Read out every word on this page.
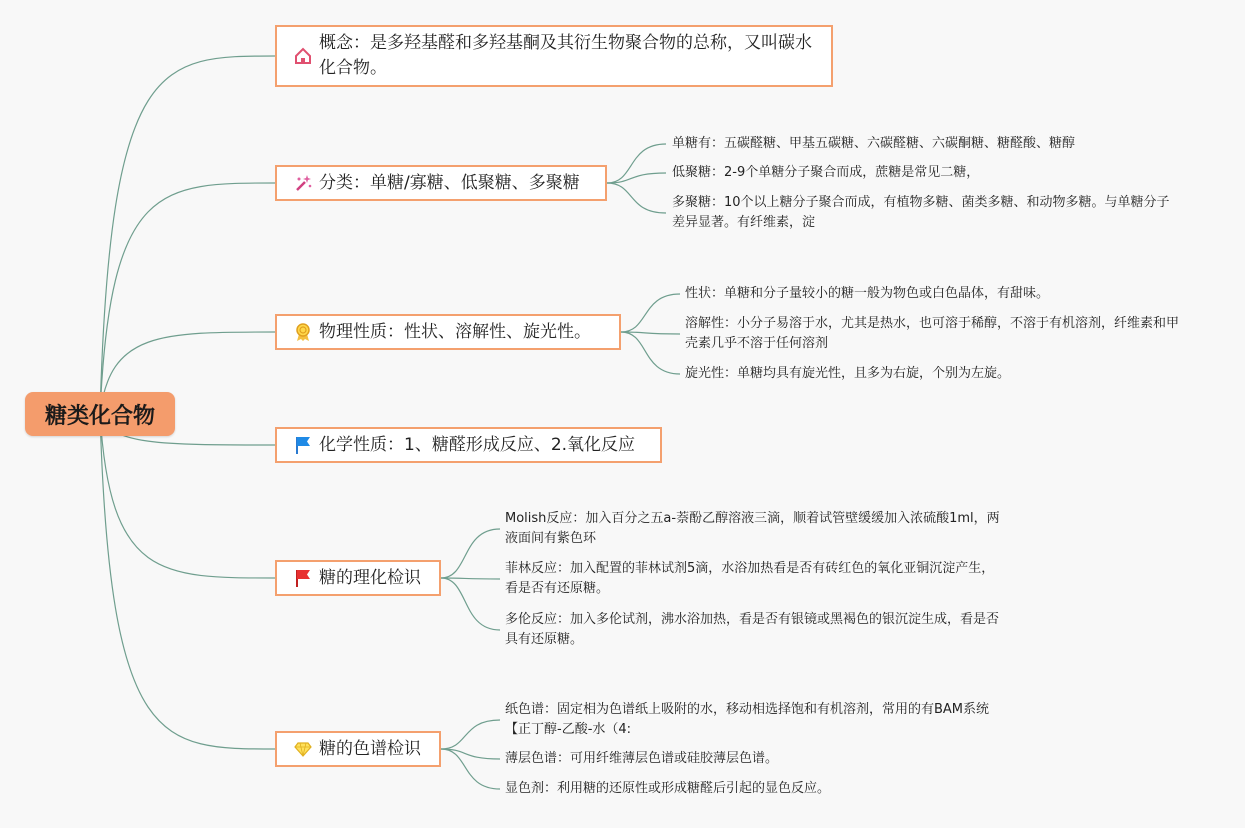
糖类化合物
概念：是多羟基醛和多羟基酮及其衍生物聚合物的总称，又叫碳水化合物。
分类：单糖/寡糖、低聚糖、多聚糖
物理性质：性状、溶解性、旋光性。
化学性质：1、糖醛形成反应、2.氧化反应
糖的理化检识
糖的色谱检识
单糖有：五碳醛糖、甲基五碳糖、六碳醛糖、六碳酮糖、糖醛酸、糖醇
低聚糖：2-9个单糖分子聚合而成，蔗糖是常见二糖，
多聚糖：10个以上糖分子聚合而成，有植物多糖、菌类多糖、和动物多糖。与单糖分子差异显著。有纤维素，淀
性状：单糖和分子量较小的糖一般为物色或白色晶体，有甜味。
溶解性：小分子易溶于水，尤其是热水，也可溶于稀醇，不溶于有机溶剂，纤维素和甲壳素几乎不溶于任何溶剂
旋光性：单糖均具有旋光性，且多为右旋，个别为左旋。
Molish反应：加入百分之五a-萘酚乙醇溶液三滴，顺着试管壁缓缓加入浓硫酸1ml，两液面间有紫色环
菲林反应：加入配置的菲林试剂5滴，水浴加热看是否有砖红色的氧化亚铜沉淀产生，看是否有还原糖。
多伦反应：加入多伦试剂，沸水浴加热，看是否有银镜或黑褐色的银沉淀生成，看是否具有还原糖。
纸色谱：固定相为色谱纸上吸附的水，移动相选择饱和有机溶剂，常用的有BAM系统【正丁醇-乙酸-水（4:
薄层色谱：可用纤维薄层色谱或硅胶薄层色谱。
显色剂：利用糖的还原性或形成糖醛后引起的显色反应。
